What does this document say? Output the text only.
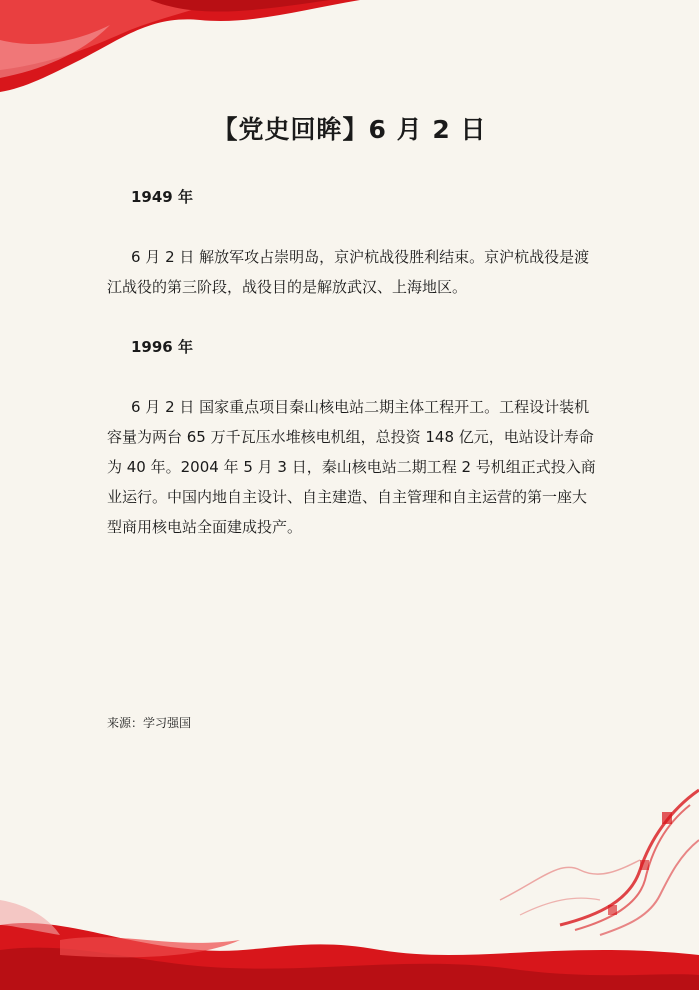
【党史回眸】6 月 2 日

1949 年

6 月 2 日 解放军攻占崇明岛，京沪杭战役胜利结束。京沪杭战役是渡江战役的第三阶段，战役目的是解放武汉、上海地区。

1996 年

6 月 2 日 国家重点项目秦山核电站二期主体工程开工。工程设计装机容量为两台 65 万千瓦压水堆核电机组，总投资 148 亿元，电站设计寿命为 40 年。2004 年 5 月 3 日，秦山核电站二期工程 2 号机组正式投入商业运行。中国内地自主设计、自主建造、自主管理和自主运营的第一座大型商用核电站全面建成投产。

来源：学习强国
